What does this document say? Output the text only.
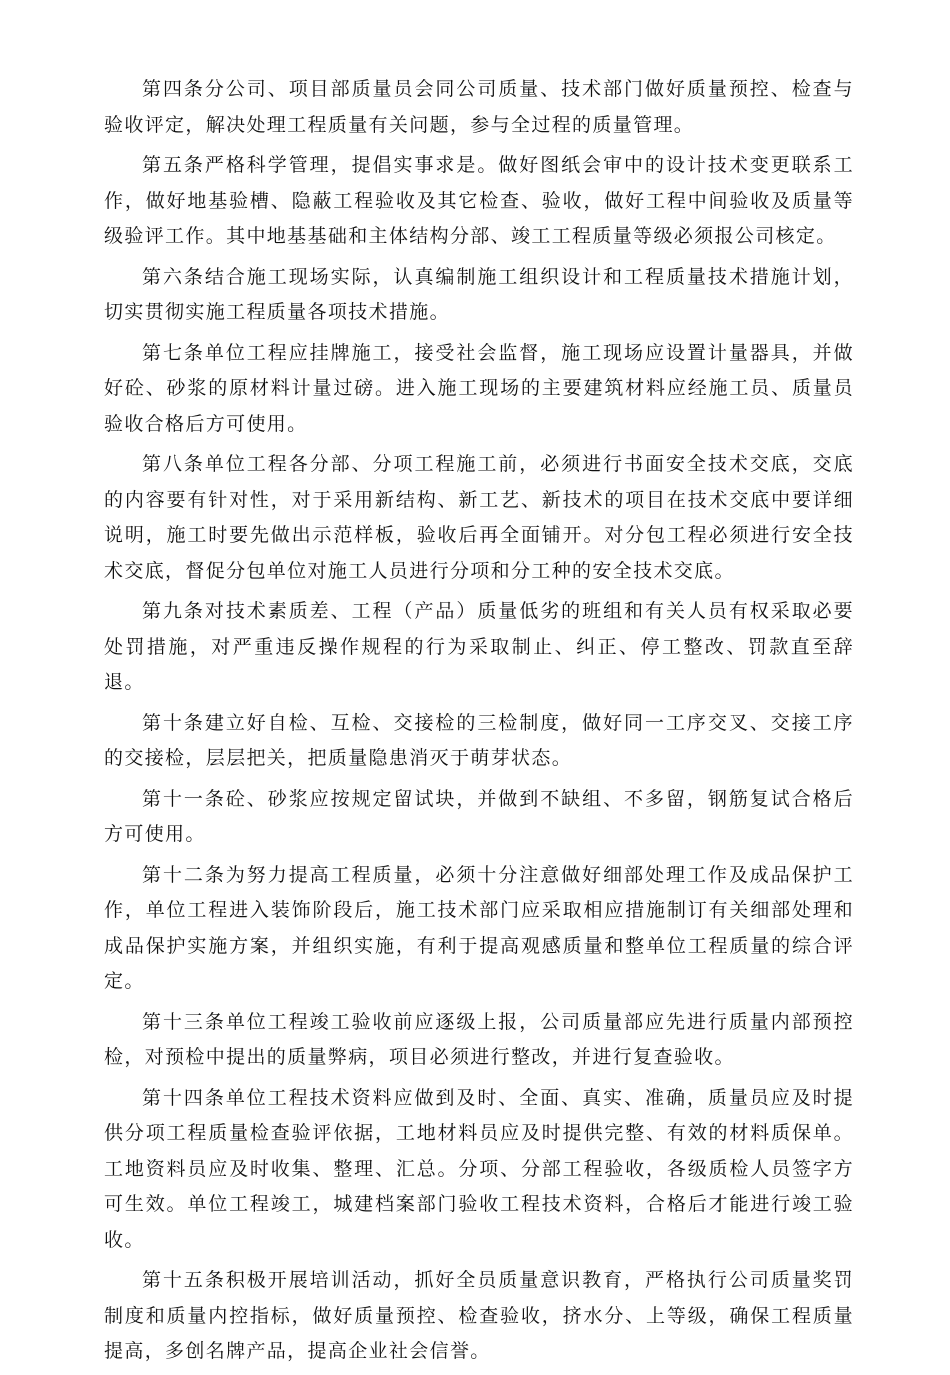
第四条分公司、项目部质量员会同公司质量、技术部门做好质量预控、检查与验收评定，解决处理工程质量有关问题，参与全过程的质量管理。

第五条严格科学管理，提倡实事求是。做好图纸会审中的设计技术变更联系工作，做好地基验槽、隐蔽工程验收及其它检查、验收，做好工程中间验收及质量等级验评工作。其中地基基础和主体结构分部、竣工工程质量等级必须报公司核定。

第六条结合施工现场实际，认真编制施工组织设计和工程质量技术措施计划，切实贯彻实施工程质量各项技术措施。

第七条单位工程应挂牌施工，接受社会监督，施工现场应设置计量器具，并做好砼、砂浆的原材料计量过磅。进入施工现场的主要建筑材料应经施工员、质量员验收合格后方可使用。

第八条单位工程各分部、分项工程施工前，必须进行书面安全技术交底，交底的内容要有针对性，对于采用新结构、新工艺、新技术的项目在技术交底中要详细说明，施工时要先做出示范样板，验收后再全面铺开。对分包工程必须进行安全技术交底，督促分包单位对施工人员进行分项和分工种的安全技术交底。

第九条对技术素质差、工程（产品）质量低劣的班组和有关人员有权采取必要处罚措施，对严重违反操作规程的行为采取制止、纠正、停工整改、罚款直至辞退。

第十条建立好自检、互检、交接检的三检制度，做好同一工序交叉、交接工序的交接检，层层把关，把质量隐患消灭于萌芽状态。

第十一条砼、砂浆应按规定留试块，并做到不缺组、不多留，钢筋复试合格后方可使用。

第十二条为努力提高工程质量，必须十分注意做好细部处理工作及成品保护工作，单位工程进入装饰阶段后，施工技术部门应采取相应措施制订有关细部处理和成品保护实施方案，并组织实施，有利于提高观感质量和整单位工程质量的综合评定。

第十三条单位工程竣工验收前应逐级上报，公司质量部应先进行质量内部预控检，对预检中提出的质量弊病，项目必须进行整改，并进行复查验收。

第十四条单位工程技术资料应做到及时、全面、真实、准确，质量员应及时提供分项工程质量检查验评依据，工地材料员应及时提供完整、有效的材料质保单。工地资料员应及时收集、整理、汇总。分项、分部工程验收，各级质检人员签字方可生效。单位工程竣工，城建档案部门验收工程技术资料，合格后才能进行竣工验收。

第十五条积极开展培训活动，抓好全员质量意识教育，严格执行公司质量奖罚制度和质量内控指标，做好质量预控、检查验收，挤水分、上等级，确保工程质量提高，多创名牌产品，提高企业社会信誉。
